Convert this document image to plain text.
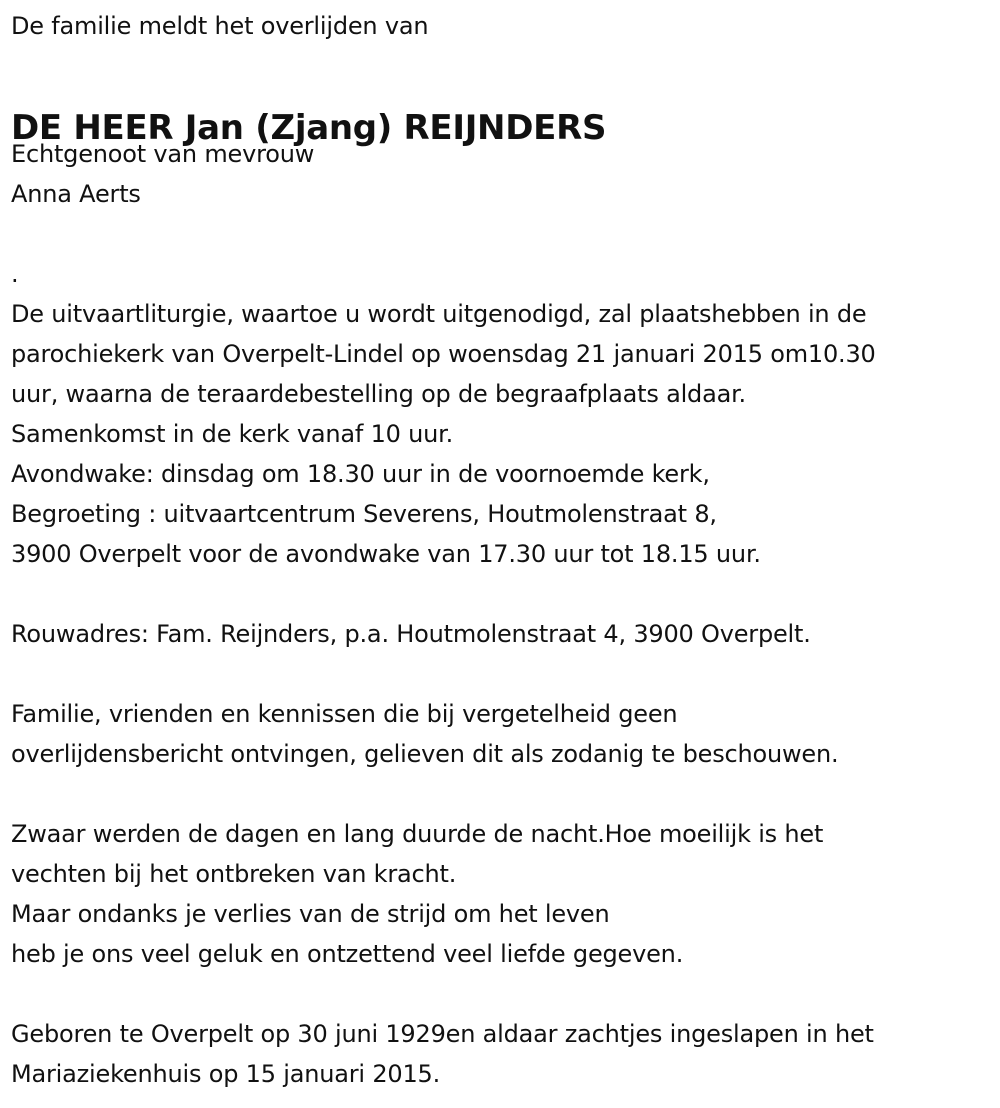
De familie meldt het overlijden van
DE HEER Jan (Zjang) REIJNDERS
Echtgenoot van mevrouw
Anna Aerts
.
De uitvaartliturgie, waartoe u wordt uitgenodigd, zal plaatshebben in de
parochiekerk van Overpelt-Lindel op woensdag 21 januari 2015 om10.30
uur, waarna de teraardebestelling op de begraafplaats aldaar.
Samenkomst in de kerk vanaf 10 uur.
Avondwake: dinsdag om 18.30 uur in de voornoemde kerk,
Begroeting : uitvaartcentrum Severens, Houtmolenstraat 8,
3900 Overpelt voor de avondwake van 17.30 uur tot 18.15 uur.
Rouwadres: Fam. Reijnders, p.a. Houtmolenstraat 4, 3900 Overpelt.
Familie, vrienden en kennissen die bij vergetelheid geen
overlijdensbericht ontvingen, gelieven dit als zodanig te beschouwen.
Zwaar werden de dagen en lang duurde de nacht.Hoe moeilijk is het
vechten bij het ontbreken van kracht.
Maar ondanks je verlies van de strijd om het leven
heb je ons veel geluk en ontzettend veel liefde gegeven.
Geboren te Overpelt op 30 juni 1929en aldaar zachtjes ingeslapen in het
Mariaziekenhuis op 15 januari 2015.
